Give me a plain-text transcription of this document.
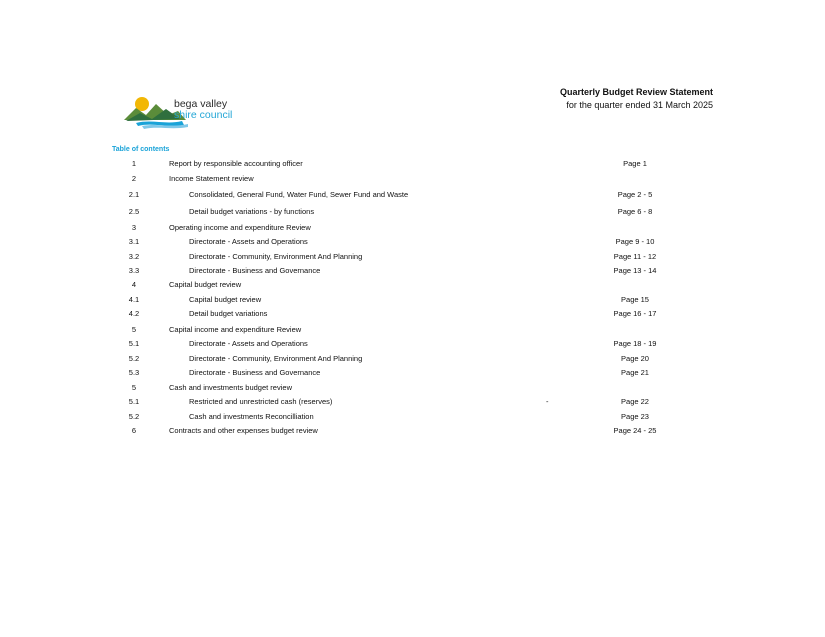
bega valley
shire council
Quarterly Budget Review Statement
for the quarter ended 31 March 2025
Table of contents
1	Report by responsible accounting officer	Page 1
2	Income Statement review
2.1	Consolidated, General Fund, Water Fund, Sewer Fund and Waste	Page 2 - 5
2.5	Detail budget variations - by functions	Page 6 - 8
3	Operating income and expenditure Review
3.1	Directorate - Assets and Operations	Page 9 - 10
3.2	Directorate - Community, Environment And Planning	Page 11 - 12
3.3	Directorate - Business and Governance	Page 13 - 14
4	Capital budget review
4.1	Capital budget review	Page 15
4.2	Detail budget variations	Page 16 - 17
5	Capital income and expenditure Review
5.1	Directorate - Assets and Operations	Page 18 - 19
5.2	Directorate - Community, Environment And Planning	Page 20
5.3	Directorate - Business and Governance	Page 21
5	Cash and investments budget review
5.1	Restricted and unrestricted cash (reserves)	-	Page 22
5.2	Cash and investments Reconcilliation	Page 23
6	Contracts and other expenses budget review	Page 24 - 25
